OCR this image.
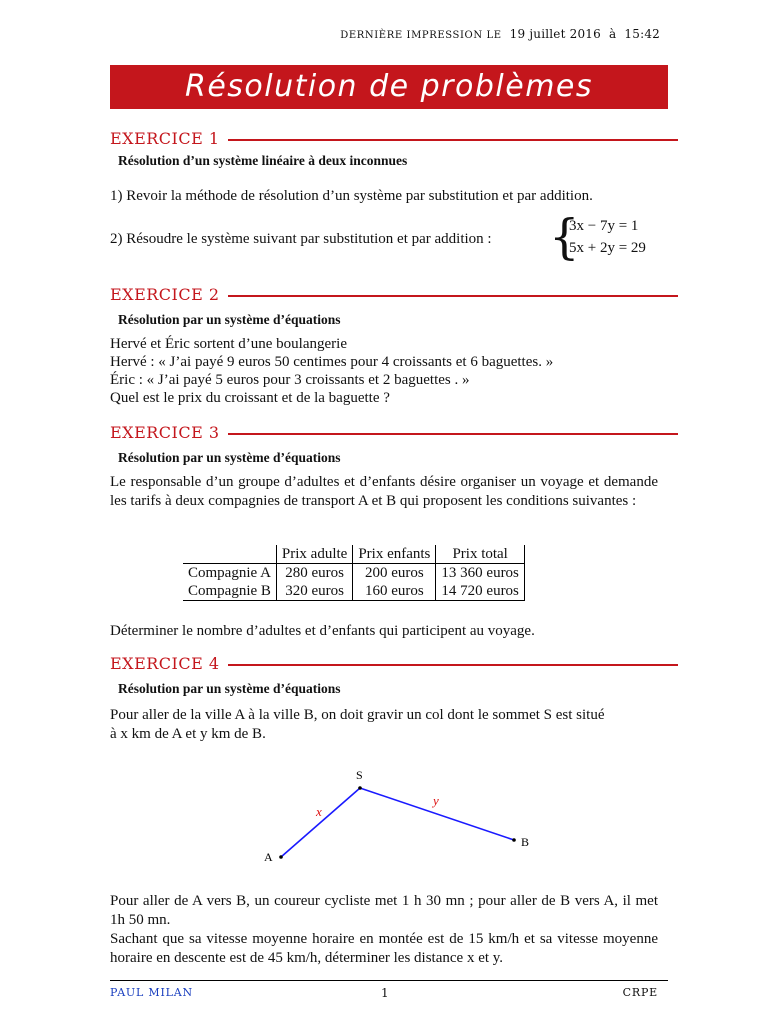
DERNIÈRE IMPRESSION LE 19 juillet 2016 à 15:42
Résolution de problèmes
EXERCICE 1
Résolution d’un système linéaire à deux inconnues
1) Revoir la méthode de résolution d’un système par substitution et par addition.
2) Résoudre le système suivant par substitution et par addition : {
3x − 7y = 1
5x + 2y = 29
EXERCICE 2
Résolution par un système d’équations
Hervé et Éric sortent d’une boulangerie
Hervé : « J’ai payé 9 euros 50 centimes pour 4 croissants et 6 baguettes. »
Éric : « J’ai payé 5 euros pour 3 croissants et 2 baguettes . »
Quel est le prix du croissant et de la baguette ?
EXERCICE 3
Résolution par un système d’équations
Le responsable d’un groupe d’adultes et d’enfants désire organiser un voyage et demande les tarifs à deux compagnies de transport A et B qui proposent les conditions suivantes :
	Prix adulte	Prix enfants	Prix total
Compagnie A	280 euros	200 euros	13 360 euros
Compagnie B	320 euros	160 euros	14 720 euros
Déterminer le nombre d’adultes et d’enfants qui participent au voyage.
EXERCICE 4
Résolution par un système d’équations
Pour aller de la ville A à la ville B, on doit gravir un col dont le sommet S est situé
à x km de A et y km de B.
A
S
B
x
y
Pour aller de A vers B, un coureur cycliste met 1 h 30 mn ; pour aller de B vers A, il met 1h 50 mn.
Sachant que sa vitesse moyenne horaire en montée est de 15 km/h et sa vitesse moyenne horaire en descente est de 45 km/h, déterminer les distance x et y.
PAUL MILAN	1	CRPE
